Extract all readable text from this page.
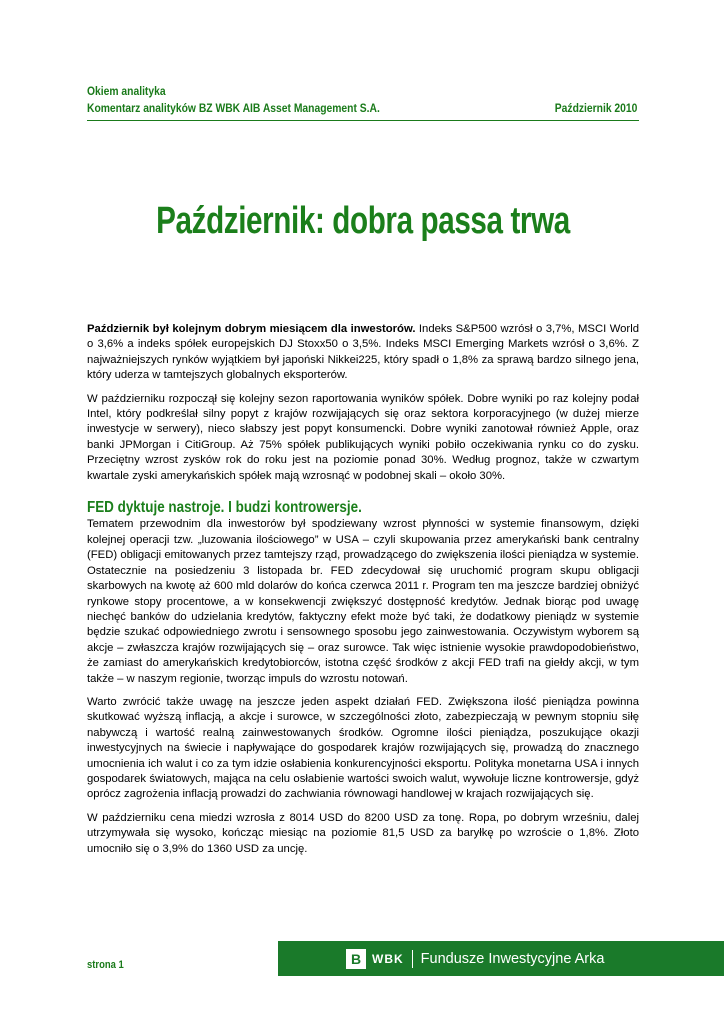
Okiem analityka
Komentarz analityków BZ WBK AIB Asset Management S.A.	Październik 2010
Październik: dobra passa trwa

Październik był kolejnym dobrym miesiącem dla inwestorów. Indeks S&P500 wzrósł o 3,7%, MSCI World o 3,6% a indeks spółek europejskich DJ Stoxx50 o 3,5%. Indeks MSCI Emerging Markets wzrósł o 3,6%. Z najważniejszych rynków wyjątkiem był japoński Nikkei225, który spadł o 1,8% za sprawą bardzo silnego jena, który uderza w tamtejszych globalnych eksporterów.

W październiku rozpoczął się kolejny sezon raportowania wyników spółek. Dobre wyniki po raz kolejny podał Intel, który podkreślał silny popyt z krajów rozwijających się oraz sektora korporacyjnego (w dużej mierze inwestycje w serwery), nieco słabszy jest popyt konsumencki. Dobre wyniki zanotował również Apple, oraz banki JPMorgan i CitiGroup. Aż 75% spółek publikujących wyniki pobiło oczekiwania rynku co do zysku. Przeciętny wzrost zysków rok do roku jest na poziomie ponad 30%. Według prognoz, także w czwartym kwartale zyski amerykańskich spółek mają wzrosnąć w podobnej skali – około 30%.

FED dyktuje nastroje. I budzi kontrowersje.

Tematem przewodnim dla inwestorów był spodziewany wzrost płynności w systemie finansowym, dzięki kolejnej operacji tzw. „luzowania ilościowego” w USA – czyli skupowania przez amerykański bank centralny (FED) obligacji emitowanych przez tamtejszy rząd, prowadzącego do zwiększenia ilości pieniądza w systemie. Ostatecznie na posiedzeniu 3 listopada br. FED zdecydował się uruchomić program skupu obligacji skarbowych na kwotę aż 600 mld dolarów do końca czerwca 2011 r. Program ten ma jeszcze bardziej obniżyć rynkowe stopy procentowe, a w konsekwencji zwiększyć dostępność kredytów. Jednak biorąc pod uwagę niechęć banków do udzielania kredytów, faktyczny efekt może być taki, że dodatkowy pieniądz w systemie będzie szukać odpowiedniego zwrotu i sensownego sposobu jego zainwestowania. Oczywistym wyborem są akcje – zwłaszcza krajów rozwijających się – oraz surowce. Tak więc istnienie wysokie prawdopodobieństwo, że zamiast do amerykańskich kredytobiorców, istotna część środków z akcji FED trafi na giełdy akcji, w tym także – w naszym regionie, tworząc impuls do wzrostu notowań.

Warto zwrócić także uwagę na jeszcze jeden aspekt działań FED. Zwiększona ilość pieniądza powinna skutkować wyższą inflacją, a akcje i surowce, w szczególności złoto, zabezpieczają w pewnym stopniu siłę nabywczą i wartość realną zainwestowanych środków. Ogromne ilości pieniądza, poszukujące okazji inwestycyjnych na świecie i napływające do gospodarek krajów rozwijających się, prowadzą do znacznego umocnienia ich walut i co za tym idzie osłabienia konkurencyjności eksportu. Polityka monetarna USA i innych gospodarek światowych, mająca na celu osłabienie wartości swoich walut, wywołuje liczne kontrowersje, gdyż oprócz zagrożenia inflacją prowadzi do zachwiania równowagi handlowej w krajach rozwijających się.

W październiku cena miedzi wzrosła z 8014 USD do 8200 USD za tonę. Ropa, po dobrym wrześniu, dalej utrzymywała się wysoko, kończąc miesiąc na poziomie 81,5 USD za baryłkę po wzroście o 1,8%. Złoto umocniło się o 3,9% do 1360 USD za uncję.

strona 1	B WBK Fundusze Inwestycyjne Arka
